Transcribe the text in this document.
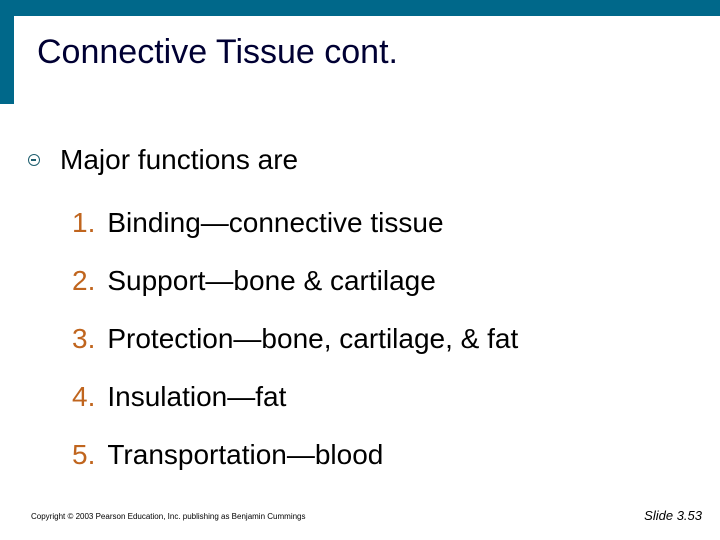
Connective Tissue cont.
Major functions are
1. Binding—connective tissue
2. Support—bone & cartilage
3. Protection—bone, cartilage, & fat
4. Insulation—fat
5. Transportation—blood
Copyright © 2003 Pearson Education, Inc. publishing as Benjamin Cummings	Slide 3.53
